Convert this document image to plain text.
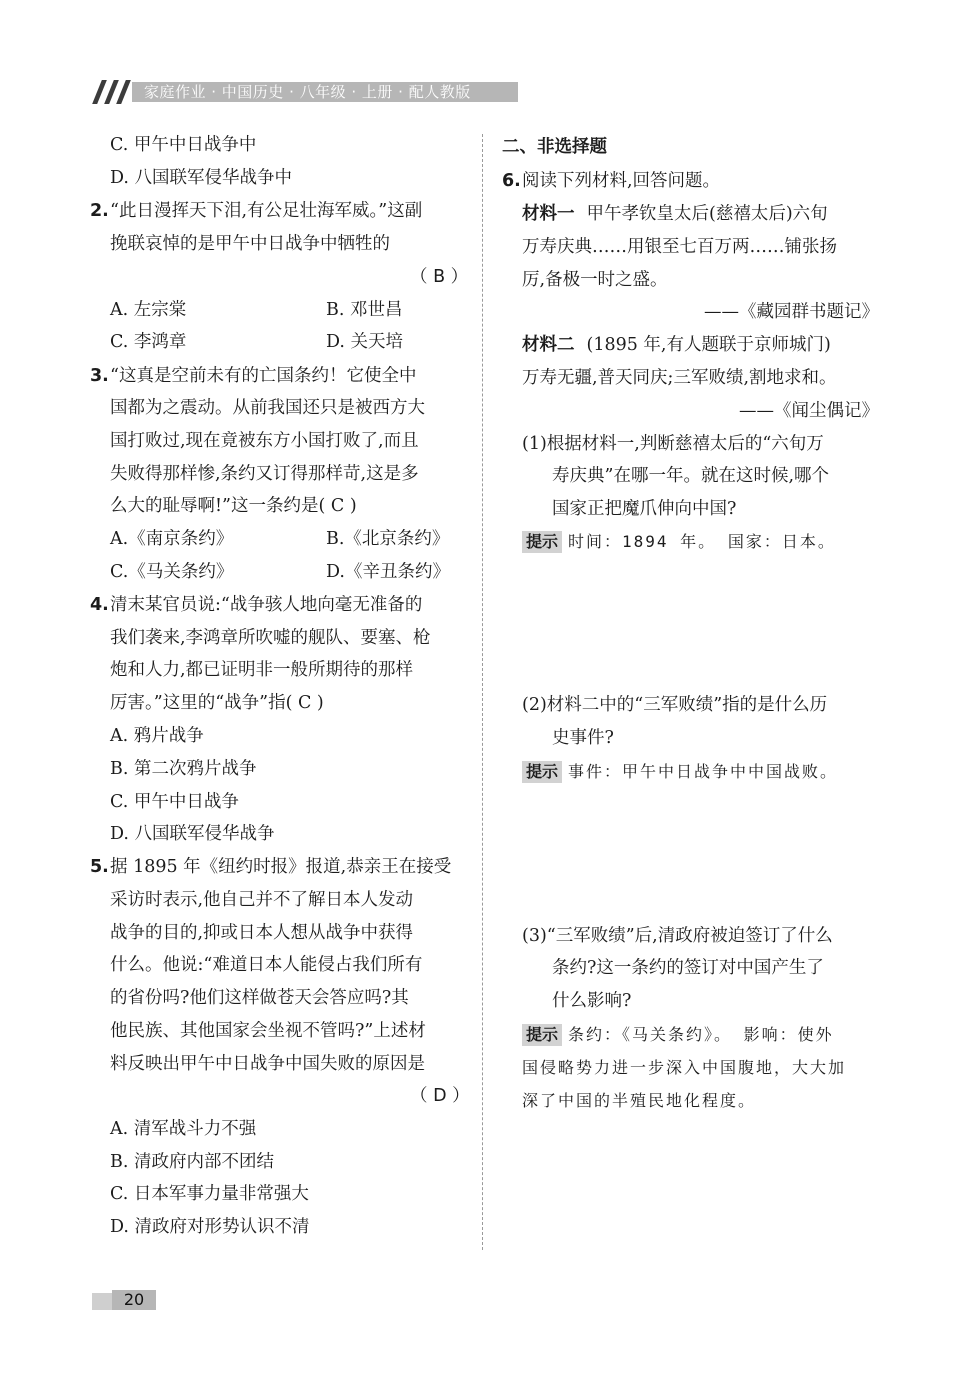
家庭作业 · 中国历史 · 八年级 · 上册 · 配人教版
C. 甲午中日战争中
D. 八国联军侵华战争中
2. “此日漫挥天下泪,有公足壮海军威。”这副
挽联哀悼的是甲午中日战争中牺牲的
（ B ）
A. 左宗棠	B. 邓世昌
C. 李鸿章	D. 关天培
3. “这真是空前未有的亡国条约！它使全中
国都为之震动。从前我国还只是被西方大
国打败过,现在竟被东方小国打败了,而且
失败得那样惨,条约又订得那样苛,这是多
么大的耻辱啊!”这一条约是( C )
A.《南京条约》	B.《北京条约》
C.《马关条约》	D.《辛丑条约》
4. 清末某官员说:“战争骇人地向毫无准备的
我们袭来,李鸿章所吹嘘的舰队、要塞、枪
炮和人力,都已证明非一般所期待的那样
厉害。”这里的“战争”指( C )
A. 鸦片战争
B. 第二次鸦片战争
C. 甲午中日战争
D. 八国联军侵华战争
5. 据 1895 年《纽约时报》报道,恭亲王在接受
采访时表示,他自己并不了解日本人发动
战争的目的,抑或日本人想从战争中获得
什么。他说:“难道日本人能侵占我们所有
的省份吗?他们这样做苍天会答应吗?其
他民族、其他国家会坐视不管吗?”上述材
料反映出甲午中日战争中国失败的原因是
（ D ）
A. 清军战斗力不强
B. 清政府内部不团结
C. 日本军事力量非常强大
D. 清政府对形势认识不清
二、非选择题
6. 阅读下列材料,回答问题。
材料一 甲午孝钦皇太后(慈禧太后)六旬
万寿庆典……用银至七百万两……铺张扬
厉,备极一时之盛。
——《藏园群书题记》
材料二 (1895 年,有人题联于京师城门)
万寿无疆,普天同庆;三军败绩,割地求和。
——《闻尘偶记》
(1)根据材料一,判断慈禧太后的“六旬万
寿庆典”在哪一年。就在这时候,哪个
国家正把魔爪伸向中国?
提示 时间：1894 年。 国家：日本。
(2)材料二中的“三军败绩”指的是什么历
史事件?
提示 事件：甲午中日战争中中国战败。
(3)“三军败绩”后,清政府被迫签订了什么
条约?这一条约的签订对中国产生了
什么影响?
提示 条约：《马关条约》。 影响：使外
国侵略势力进一步深入中国腹地，大大加
深了中国的半殖民地化程度。
20
